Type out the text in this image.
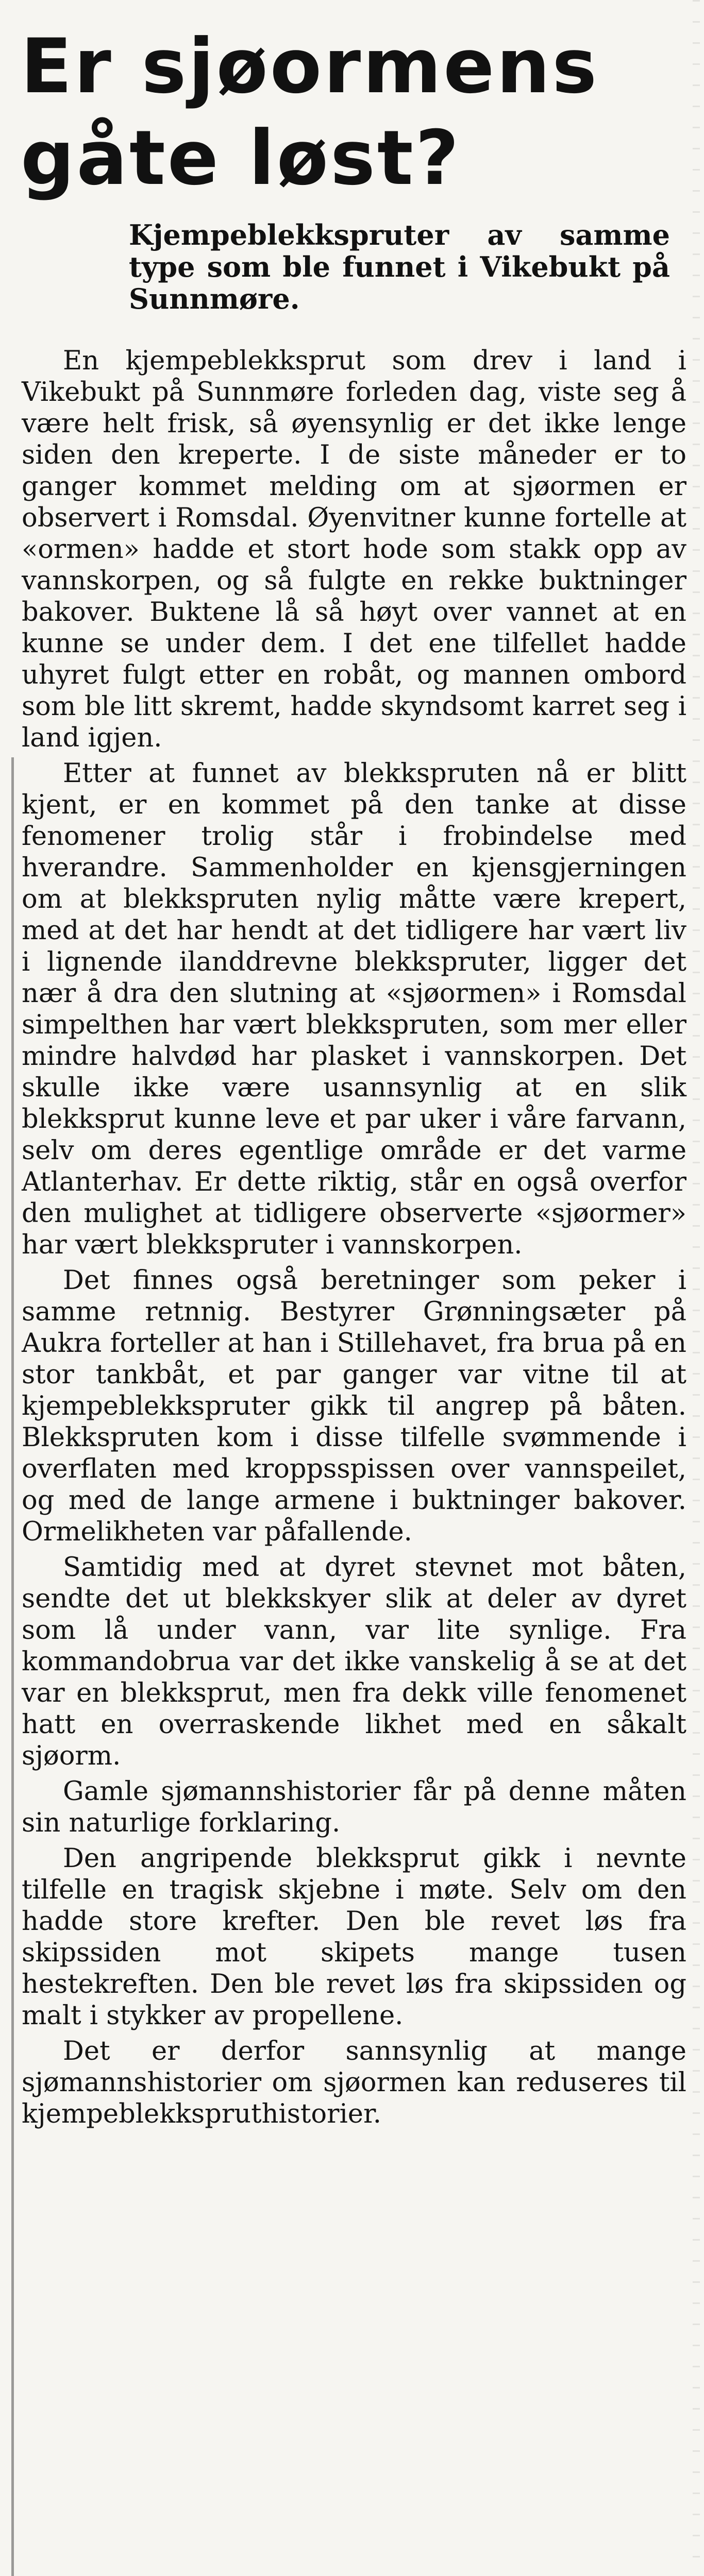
Er sjøormens
gåte løst?

Kjempeblekkspruter av samme type som ble funnet i Vikebukt på Sunnmøre.

En kjempeblekksprut som drev i land i Vikebukt på Sunnmøre forleden dag, viste seg å være helt frisk, så øyensynlig er det ikke lenge siden den kreperte. I de siste måneder er to ganger kommet melding om at sjøormen er observert i Romsdal. Øyenvitner kunne fortelle at «ormen» hadde et stort hode som stakk opp av vannskorpen, og så fulgte en rekke buktninger bakover. Buktene lå så høyt over vannet at en kunne se under dem. I det ene tilfellet hadde uhyret fulgt etter en robåt, og mannen ombord som ble litt skremt, hadde skyndsomt karret seg i land igjen.

Etter at funnet av blekkspruten nå er blitt kjent, er en kommet på den tanke at disse fenomener trolig står i frobindelse med hverandre. Sammenholder en kjensgjerningen om at blekkspruten nylig måtte være krepert, med at det har hendt at det tidligere har vært liv i lignende ilanddrevne blekkspruter, ligger det nær å dra den slutning at «sjøormen» i Romsdal simpelthen har vært blekkspruten, som mer eller mindre halvdød har plasket i vannskorpen. Det skulle ikke være usannsynlig at en slik blekksprut kunne leve et par uker i våre farvann, selv om deres egentlige område er det varme Atlanterhav. Er dette riktig, står en også overfor den mulighet at tidligere observerte «sjøormer» har vært blekkspruter i vannskorpen.

Det finnes også beretninger som peker i samme retnnig. Bestyrer Grønningsæter på Aukra forteller at han i Stillehavet, fra brua på en stor tankbåt, et par ganger var vitne til at kjempeblekkspruter gikk til angrep på båten. Blekkspruten kom i disse tilfelle svømmende i overflaten med kroppsspissen over vannspeilet, og med de lange armene i buktninger bakover. Ormelikheten var påfallende.

Samtidig med at dyret stevnet mot båten, sendte det ut blekkskyer slik at deler av dyret som lå under vann, var lite synlige. Fra kommandobrua var det ikke vanskelig å se at det var en blekksprut, men fra dekk ville fenomenet hatt en overraskende likhet med en såkalt sjøorm.

Gamle sjømannshistorier får på denne måten sin naturlige forklaring.

Den angripende blekksprut gikk i nevnte tilfelle en tragisk skjebne i møte. Selv om den hadde store krefter. Den ble revet løs fra skipssiden mot skipets mange tusen hestekreften. Den ble revet løs fra skipssiden og malt i stykker av propellene.

Det er derfor sannsynlig at mange sjømannshistorier om sjøormen kan reduseres til kjempeblekkspruthistorier.
